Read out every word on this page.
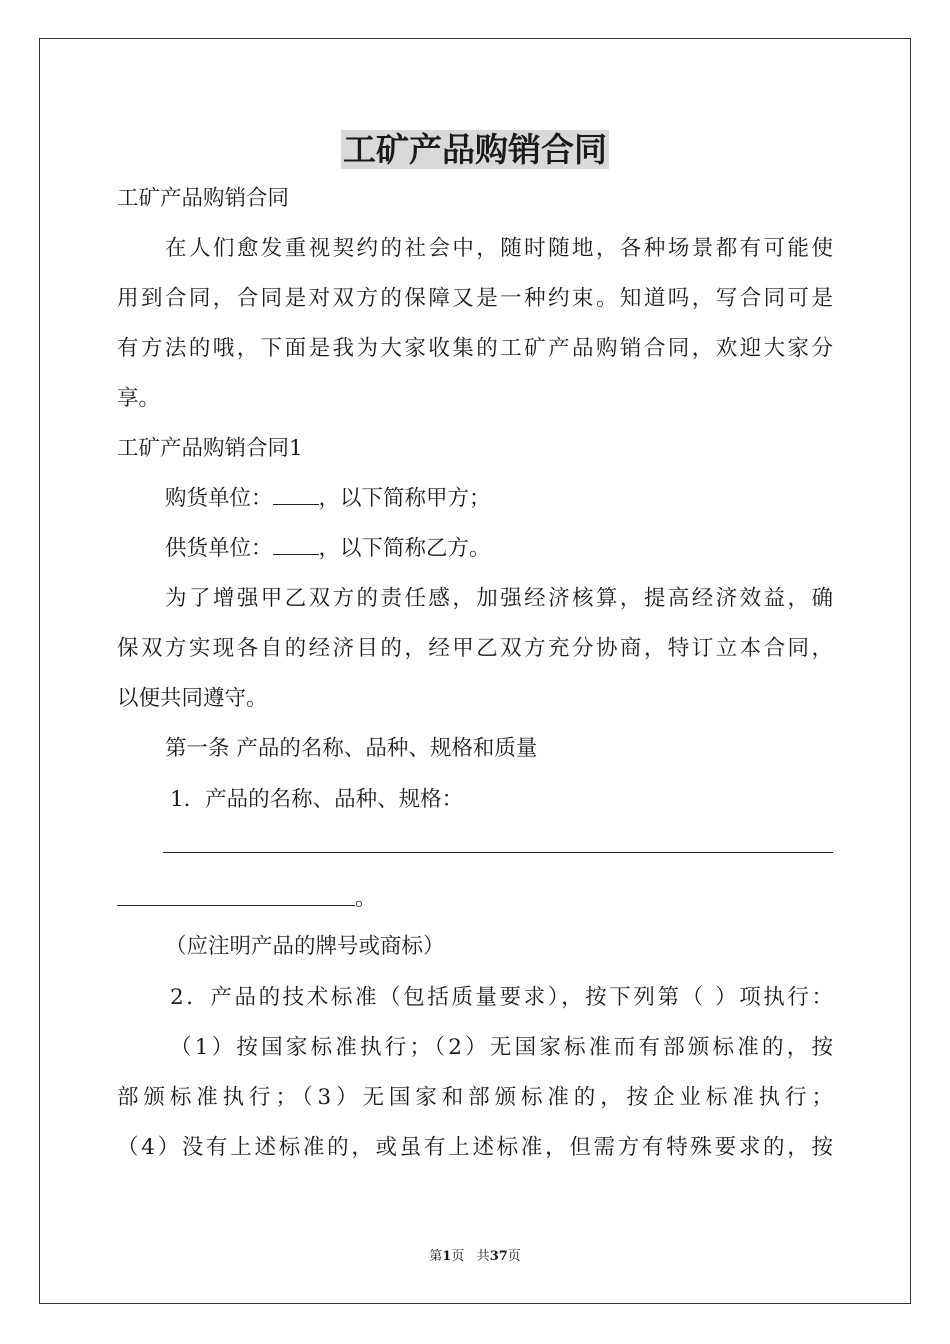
工矿产品购销合同
工矿产品购销合同
在人们愈发重视契约的社会中，随时随地，各种场景都有可能使
用到合同，合同是对双方的保障又是一种约束。知道吗，写合同可是
有方法的哦，下面是我为大家收集的工矿产品购销合同，欢迎大家分
享。
工矿产品购销合同1
购货单位： ，以下简称甲方；
供货单位： ，以下简称乙方。
为了增强甲乙双方的责任感，加强经济核算，提高经济效益，确
保双方实现各自的经济目的，经甲乙双方充分协商，特订立本合同，
以便共同遵守。
第一条 产品的名称、品种、规格和质量
1．产品的名称、品种、规格：
。
（应注明产品的牌号或商标）
2．产品的技术标准（包括质量要求），按下列第（ ）项执行：
（1）按国家标准执行；（2）无国家标准而有部颁标准的，按
部颁标准执行；（3）无国家和部颁标准的，按企业标准执行；
（4）没有上述标准的，或虽有上述标准，但需方有特殊要求的，按
第1页 共37页
